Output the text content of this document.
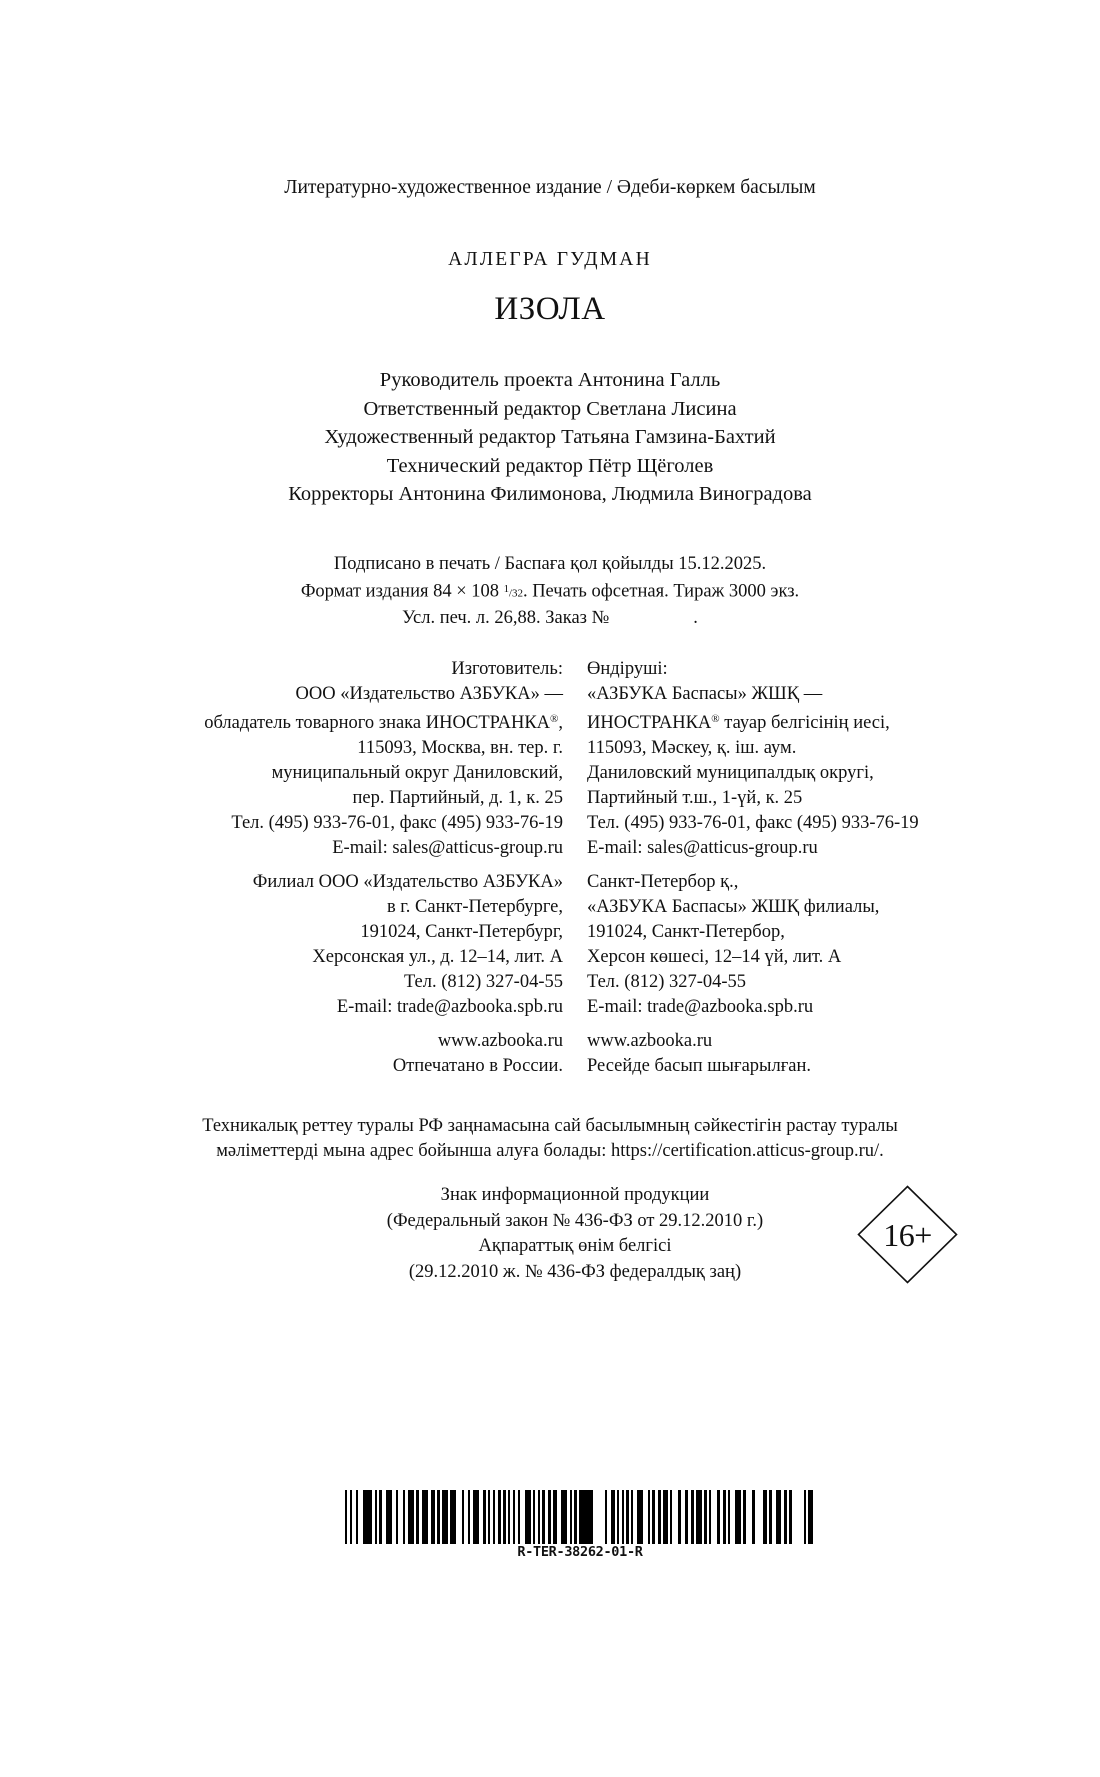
Литературно-художественное издание / Әдеби-көркем басылым
АЛЛЕГРА ГУДМАН
ИЗОЛА
Руководитель проекта Антонина Галль
Ответственный редактор Светлана Лисина
Художественный редактор Татьяна Гамзина-Бахтий
Технический редактор Пётр Щёголев
Корректоры Антонина Филимонова, Людмила Виноградова
Подписано в печать / Баспаға қол қойылды 15.12.2025.
Формат издания 84 × 108 $^1$/32. Печать офсетная. Тираж 3000 экз.
Усл. печ. л. 26,88. Заказ №	.
Изготовитель:
ООО «Издательство АЗБУКА» —
обладатель товарного знака ИНОСТРАНКА®,
115093, Москва, вн. тер. г.
муниципальный округ Даниловский,
пер. Партийный, д. 1, к. 25
Тел. (495) 933-76-01, факс (495) 933-76-19
E-mail: sales@atticus-group.ru
Филиал ООО «Издательство АЗБУКА»
в г. Санкт-Петербурге,
191024, Санкт-Петербург,
Херсонская ул., д. 12–14, лит. А
Тел. (812) 327-04-55
E-mail: trade@azbooka.spb.ru
www.azbooka.ru
Отпечатано в России.
Өндіруші:
«АЗБУКА Баспасы» ЖШҚ —
ИНОСТРАНКА® тауар белгісінің иесі,
115093, Мәскеу, қ. іш. аум.
Даниловский муниципалдық округі,
Партийный т.ш., 1-үй, к. 25
Тел. (495) 933-76-01, факс (495) 933-76-19
E-mail: sales@atticus-group.ru
Санкт-Петербор қ.,
«АЗБУКА Баспасы» ЖШҚ филиалы,
191024, Санкт-Петербор,
Херсон көшесі, 12–14 үй, лит. А
Тел. (812) 327-04-55
E-mail: trade@azbooka.spb.ru
www.azbooka.ru
Ресейде басып шығарылған.
Техникалық реттеу туралы РФ заңнамасына сай басылымның сәйкестігін растау туралы
мәліметтерді мына адрес бойынша алуға болады: https://certification.atticus-group.ru/.
Знак информационной продукции
(Федеральный закон № 436-ФЗ от 29.12.2010 г.)
Ақпараттық өнім белгісі
(29.12.2010 ж. № 436-ФЗ федералдық заң)
16+
R-TER-38262-01-R
